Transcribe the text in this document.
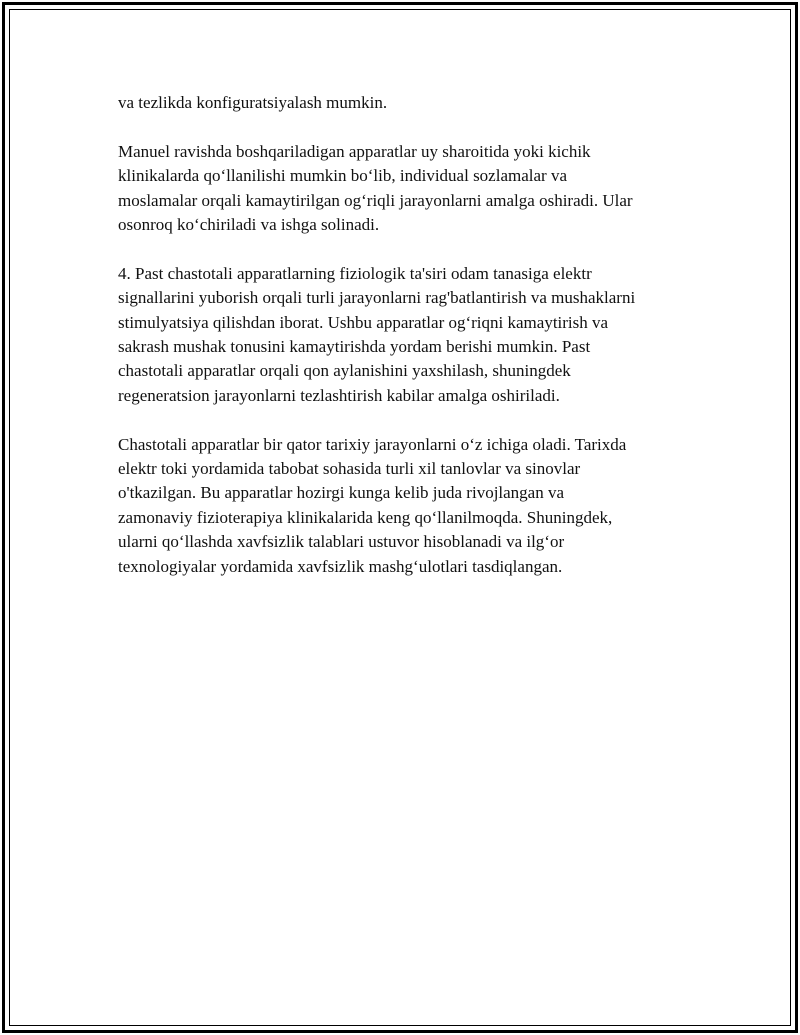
va tezlikda konfiguratsiyalash mumkin.

Manuel ravishda boshqariladigan apparatlar uy sharoitida yoki kichik
klinikalarda qo‘llanilishi mumkin bo‘lib, individual sozlamalar va
moslamalar orqali kamaytirilgan og‘riqli jarayonlarni amalga oshiradi. Ular
osonroq ko‘chiriladi va ishga solinadi.

4. Past chastotali apparatlarning fiziologik ta'siri odam tanasiga elektr
signallarini yuborish orqali turli jarayonlarni rag'batlantirish va mushaklarni
stimulyatsiya qilishdan iborat. Ushbu apparatlar og‘riqni kamaytirish va
sakrash mushak tonusini kamaytirishda yordam berishi mumkin. Past
chastotali apparatlar orqali qon aylanishini yaxshilash, shuningdek
regeneratsion jarayonlarni tezlashtirish kabilar amalga oshiriladi.

Chastotali apparatlar bir qator tarixiy jarayonlarni o‘z ichiga oladi. Tarixda
elektr toki yordamida tabobat sohasida turli xil tanlovlar va sinovlar
o'tkazilgan. Bu apparatlar hozirgi kunga kelib juda rivojlangan va
zamonaviy fizioterapiya klinikalarida keng qo‘llanilmoqda. Shuningdek,
ularni qo‘llashda xavfsizlik talablari ustuvor hisoblanadi va ilg‘or
texnologiyalar yordamida xavfsizlik mashg‘ulotlari tasdiqlangan.
